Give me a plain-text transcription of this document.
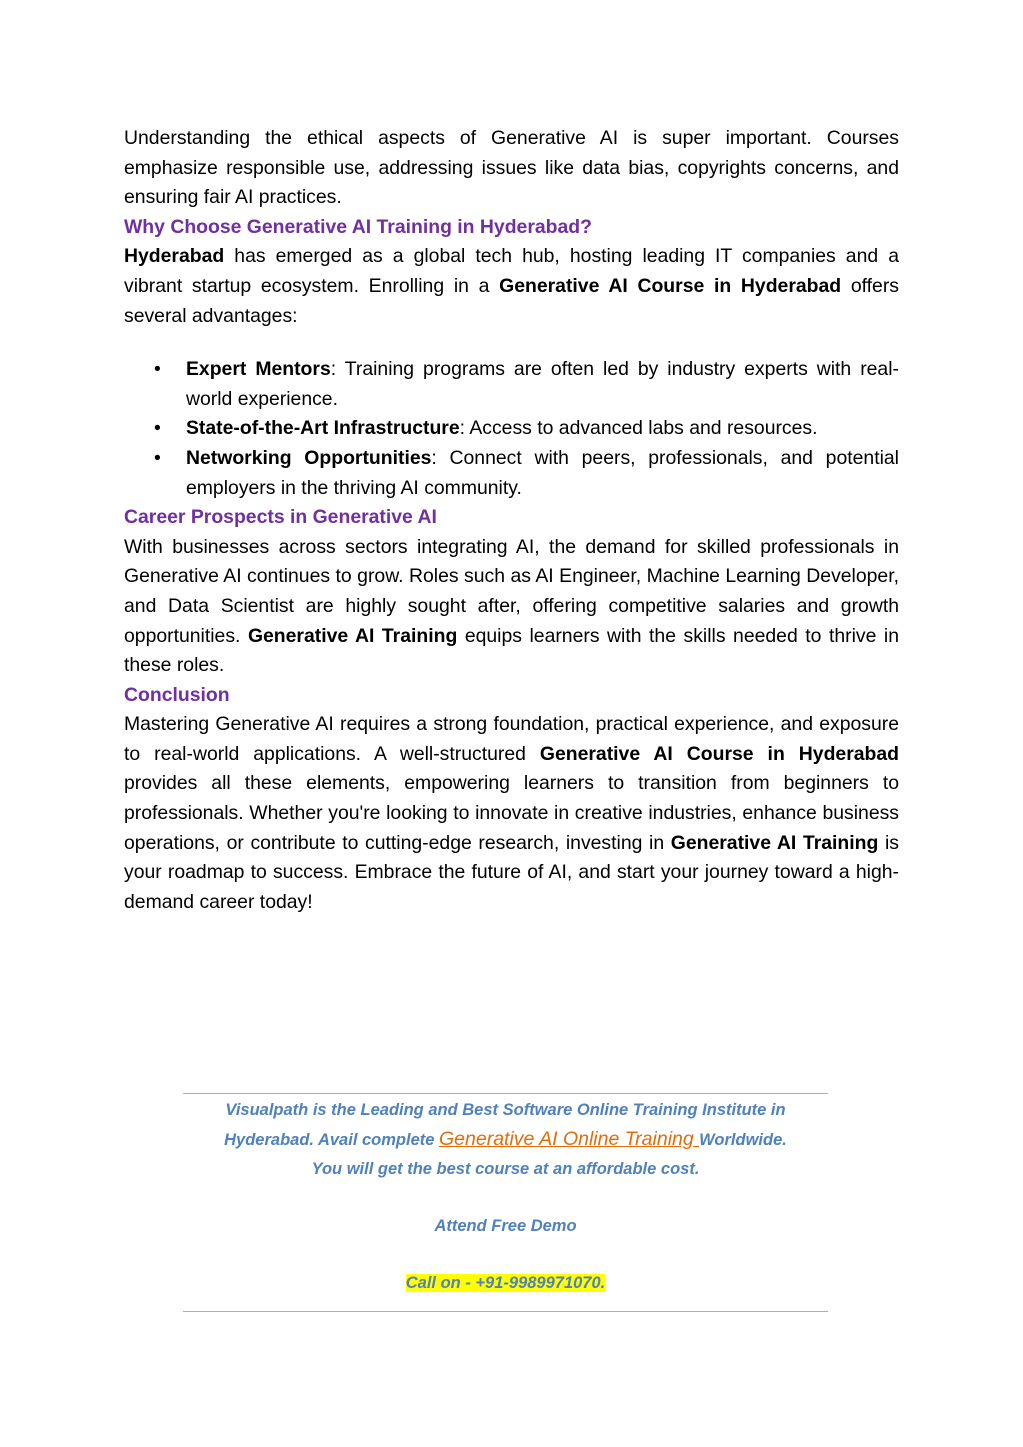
Understanding the ethical aspects of Generative AI is super important. Courses emphasize responsible use, addressing issues like data bias, copyrights concerns, and ensuring fair AI practices.

Why Choose Generative AI Training in Hyderabad?

Hyderabad has emerged as a global tech hub, hosting leading IT companies and a vibrant startup ecosystem. Enrolling in a Generative AI Course in Hyderabad offers several advantages:

• Expert Mentors: Training programs are often led by industry experts with real-world experience.
• State-of-the-Art Infrastructure: Access to advanced labs and resources.
• Networking Opportunities: Connect with peers, professionals, and potential employers in the thriving AI community.
Career Prospects in Generative AI

With businesses across sectors integrating AI, the demand for skilled professionals in Generative AI continues to grow. Roles such as AI Engineer, Machine Learning Developer, and Data Scientist are highly sought after, offering competitive salaries and growth opportunities. Generative AI Training equips learners with the skills needed to thrive in these roles.

Conclusion

Mastering Generative AI requires a strong foundation, practical experience, and exposure to real-world applications. A well-structured Generative AI Course in Hyderabad provides all these elements, empowering learners to transition from beginners to professionals. Whether you're looking to innovate in creative industries, enhance business operations, or contribute to cutting-edge research, investing in Generative AI Training is your roadmap to success. Embrace the future of AI, and start your journey toward a high-demand career today!

Visualpath is the Leading and Best Software Online Training Institute in

Hyderabad. Avail complete Generative AI Online Training Worldwide.

You will get the best course at an affordable cost.

Attend Free Demo

Call on - +91-9989971070.
